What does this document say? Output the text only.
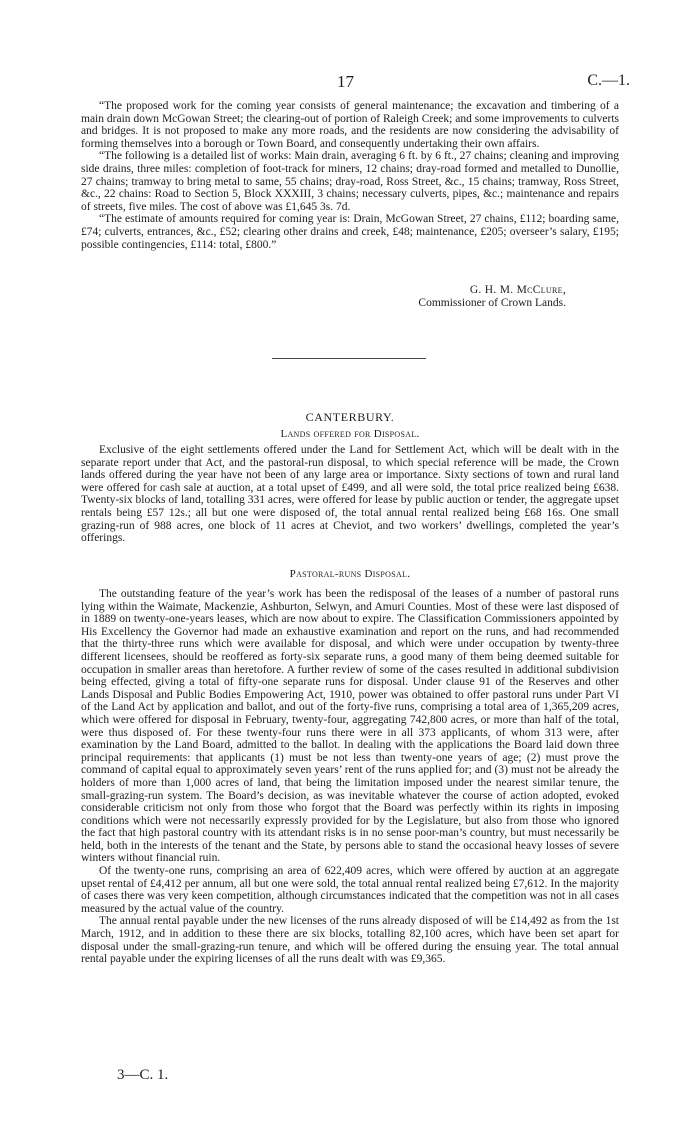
17	C.—1.

“The proposed work for the coming year consists of general maintenance; the excavation and timbering of a main drain down McGowan Street; the clearing-out of portion of Raleigh Creek; and some improvements to culverts and bridges. It is not proposed to make any more roads, and the residents are now considering the advisability of forming themselves into a borough or Town Board, and consequently undertaking their own affairs.

“The following is a detailed list of works: Main drain, averaging 6 ft. by 6 ft., 27 chains; cleaning and improving side drains, three miles: completion of foot-track for miners, 12 chains; dray-road formed and metalled to Dunollie, 27 chains; tramway to bring metal to same, 55 chains; dray-road, Ross Street, &c., 15 chains; tramway, Ross Street, &c., 22 chains: Road to Section 5, Block XXXIII, 3 chains; necessary culverts, pipes, &c.; maintenance and repairs of streets, five miles. The cost of above was £1,645 3s. 7d.

“The estimate of amounts required for coming year is: Drain, McGowan Street, 27 chains, £112; boarding same, £74; culverts, entrances, &c., £52; clearing other drains and creek, £48; maintenance, £205; overseer’s salary, £195; possible contingencies, £114: total, £800.”

G. H. M. McClure,
Commissioner of Crown Lands.
CANTERBURY.
Lands offered for Disposal.

Exclusive of the eight settlements offered under the Land for Settlement Act, which will be dealt with in the separate report under that Act, and the pastoral-run disposal, to which special reference will be made, the Crown lands offered during the year have not been of any large area or importance. Sixty sections of town and rural land were offered for cash sale at auction, at a total upset of £499, and all were sold, the total price realized being £638. Twenty-six blocks of land, totalling 331 acres, were offered for lease by public auction or tender, the aggregate upset rentals being £57 12s.; all but one were disposed of, the total annual rental realized being £68 16s. One small grazing-run of 988 acres, one block of 11 acres at Cheviot, and two workers’ dwellings, completed the year’s offerings.

Pastoral-runs Disposal.

The outstanding feature of the year’s work has been the redisposal of the leases of a number of pastoral runs lying within the Waimate, Mackenzie, Ashburton, Selwyn, and Amuri Counties. Most of these were last disposed of in 1889 on twenty-one-years leases, which are now about to expire. The Classification Commissioners appointed by His Excellency the Governor had made an exhaustive examination and report on the runs, and had recommended that the thirty-three runs which were available for disposal, and which were under occupation by twenty-three different licensees, should be reoffered as forty-six separate runs, a good many of them being deemed suitable for occupation in smaller areas than heretofore. A further review of some of the cases resulted in additional subdivision being effected, giving a total of fifty-one separate runs for disposal. Under clause 91 of the Reserves and other Lands Disposal and Public Bodies Empowering Act, 1910, power was obtained to offer pastoral runs under Part VI of the Land Act by application and ballot, and out of the forty-five runs, comprising a total area of 1,365,209 acres, which were offered for disposal in February, twenty-four, aggregating 742,800 acres, or more than half of the total, were thus disposed of. For these twenty-four runs there were in all 373 applicants, of whom 313 were, after examination by the Land Board, admitted to the ballot. In dealing with the applications the Board laid down three principal requirements: that applicants (1) must be not less than twenty-one years of age; (2) must prove the command of capital equal to approximately seven years’ rent of the runs applied for; and (3) must not be already the holders of more than 1,000 acres of land, that being the limitation imposed under the nearest similar tenure, the small-grazing-run system. The Board’s decision, as was inevitable whatever the course of action adopted, evoked considerable criticism not only from those who forgot that the Board was perfectly within its rights in imposing conditions which were not necessarily expressly provided for by the Legislature, but also from those who ignored the fact that high pastoral country with its attendant risks is in no sense poor-man’s country, but must necessarily be held, both in the interests of the tenant and the State, by persons able to stand the occasional heavy losses of severe winters without financial ruin.

Of the twenty-one runs, comprising an area of 622,409 acres, which were offered by auction at an aggregate upset rental of £4,412 per annum, all but one were sold, the total annual rental realized being £7,612. In the majority of cases there was very keen competition, although circumstances indicated that the competition was not in all cases measured by the actual value of the country.

The annual rental payable under the new licenses of the runs already disposed of will be £14,492 as from the 1st March, 1912, and in addition to these there are six blocks, totalling 82,100 acres, which have been set apart for disposal under the small-grazing-run tenure, and which will be offered during the ensuing year. The total annual rental payable under the expiring licenses of all the runs dealt with was £9,365.

3—C. 1.
